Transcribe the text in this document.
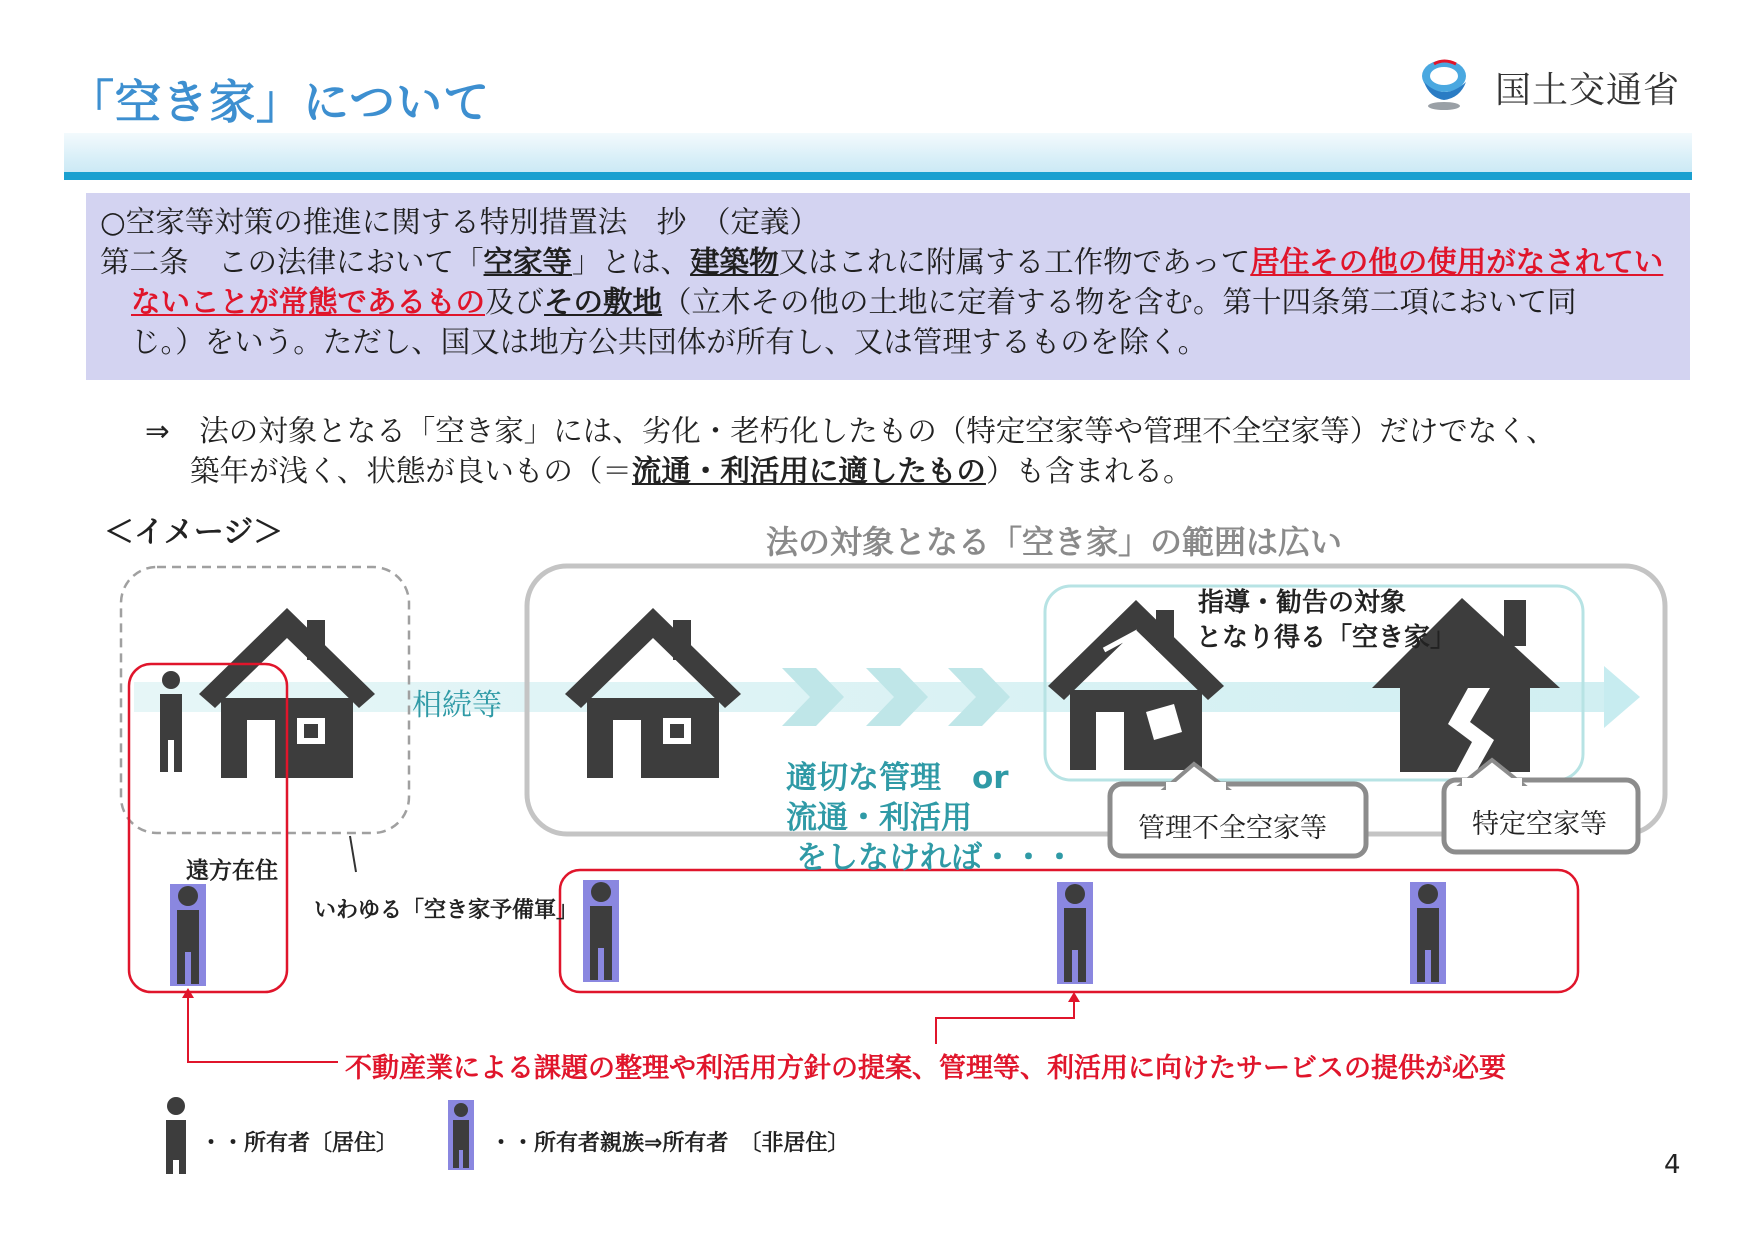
「空き家」について	国土交通省
○空家等対策の推進に関する特別措置法　抄　（定義）
第二条　この法律において「空家等」とは、建築物又はこれに附属する工作物であって居住その他の使用がなされてい
ないことが常態であるもの及びその敷地（立木その他の土地に定着する物を含む。第十四条第二項において同
じ。）をいう。ただし、国又は地方公共団体が所有し、又は管理するものを除く。
⇒　法の対象となる「空き家」には、劣化・老朽化したもの（特定空家等や管理不全空家等）だけでなく、
築年が浅く、状態が良いもの（＝流通・利活用に適したもの）も含まれる。
＜イメージ＞	法の対象となる「空き家」の範囲は広い
相続等
適切な管理　or
流通・利活用
をしなければ・・・
指導・勧告の対象
となり得る「空き家」
管理不全空家等	特定空家等
遠方在住
いわゆる「空き家予備軍」
不動産業による課題の整理や利活用方針の提案、管理等、利活用に向けたサービスの提供が必要
・・所有者〔居住〕	・・所有者親族⇒所有者　〔非居住〕
4
